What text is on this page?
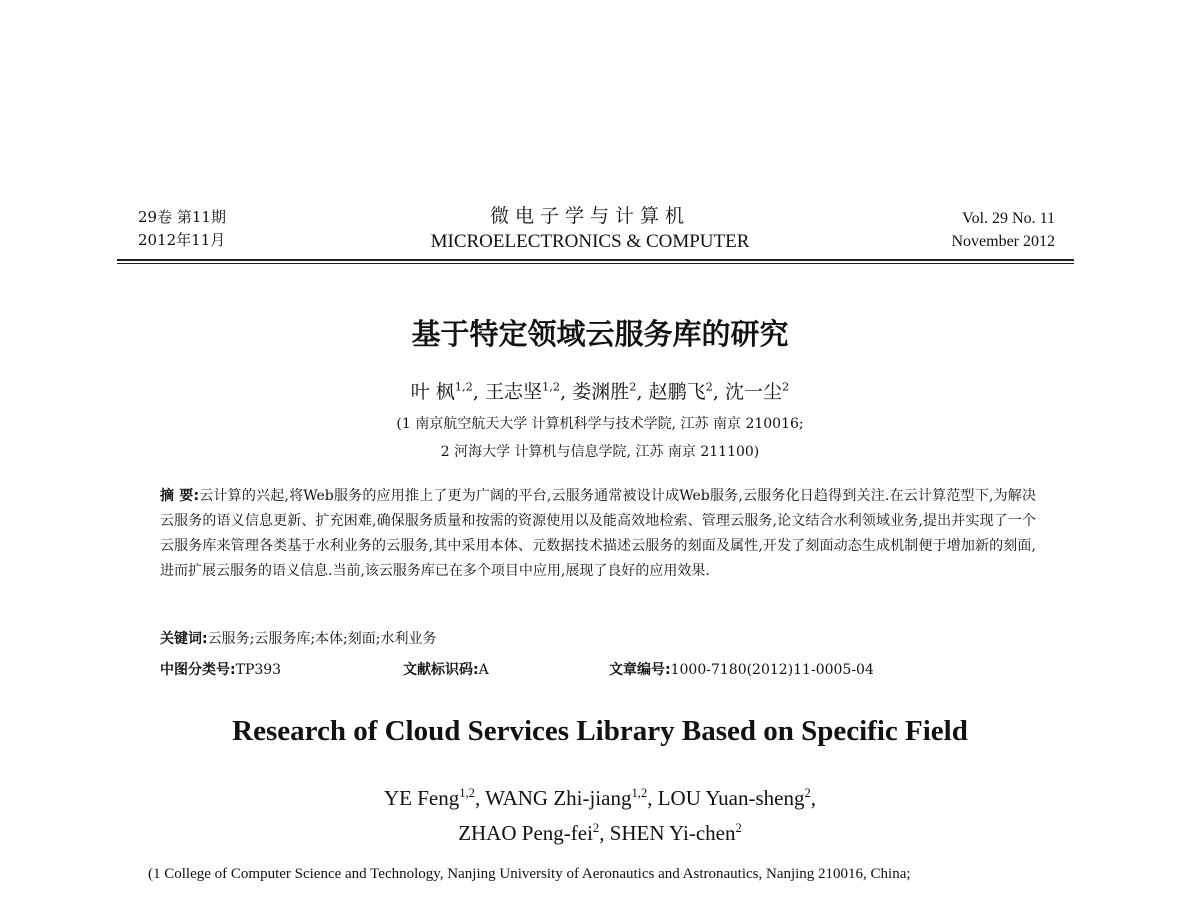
29卷 第11期
2012年11月
微电子学与计算机
MICROELECTRONICS & COMPUTER
Vol. 29 No. 11
November 2012
基于特定领域云服务库的研究
叶 枫$^{1,2}$, 王志坚$^{1,2}$, 娄渊胜$^2$, 赵鹏飞$^2$, 沈一尘$^2$
(1 南京航空航天大学 计算机科学与技术学院, 江苏 南京 210016;
2 河海大学 计算机与信息学院, 江苏 南京 211100)
摘 要:云计算的兴起,将Web服务的应用推上了更为广阔的平台,云服务通常被设计成Web服务,云服务化日趋得到关注.在云计算范型下,为解决云服务的语义信息更新、扩充困难,确保服务质量和按需的资源使用以及能高效地检索、管理云服务,论文结合水利领域业务,提出并实现了一个云服务库来管理各类基于水利业务的云服务,其中采用本体、元数据技术描述云服务的刻面及属性,开发了刻面动态生成机制便于增加新的刻面,进而扩展云服务的语义信息.当前,该云服务库已在多个项目中应用,展现了良好的应用效果.
关键词:云服务;云服务库;本体;刻面;水利业务
中图分类号:TP393	文献标识码:A	文章编号:1000-7180(2012)11-0005-04
Research of Cloud Services Library Based on Specific Field
YE Feng$^{1,2}$, WANG Zhi-jiang$^{1,2}$, LOU Yuan-sheng$^2$,
ZHAO Peng-fei$^2$, SHEN Yi-chen$^2$
(1 College of Computer Science and Technology, Nanjing University of Aeronautics and Astronautics, Nanjing 210016, China;
